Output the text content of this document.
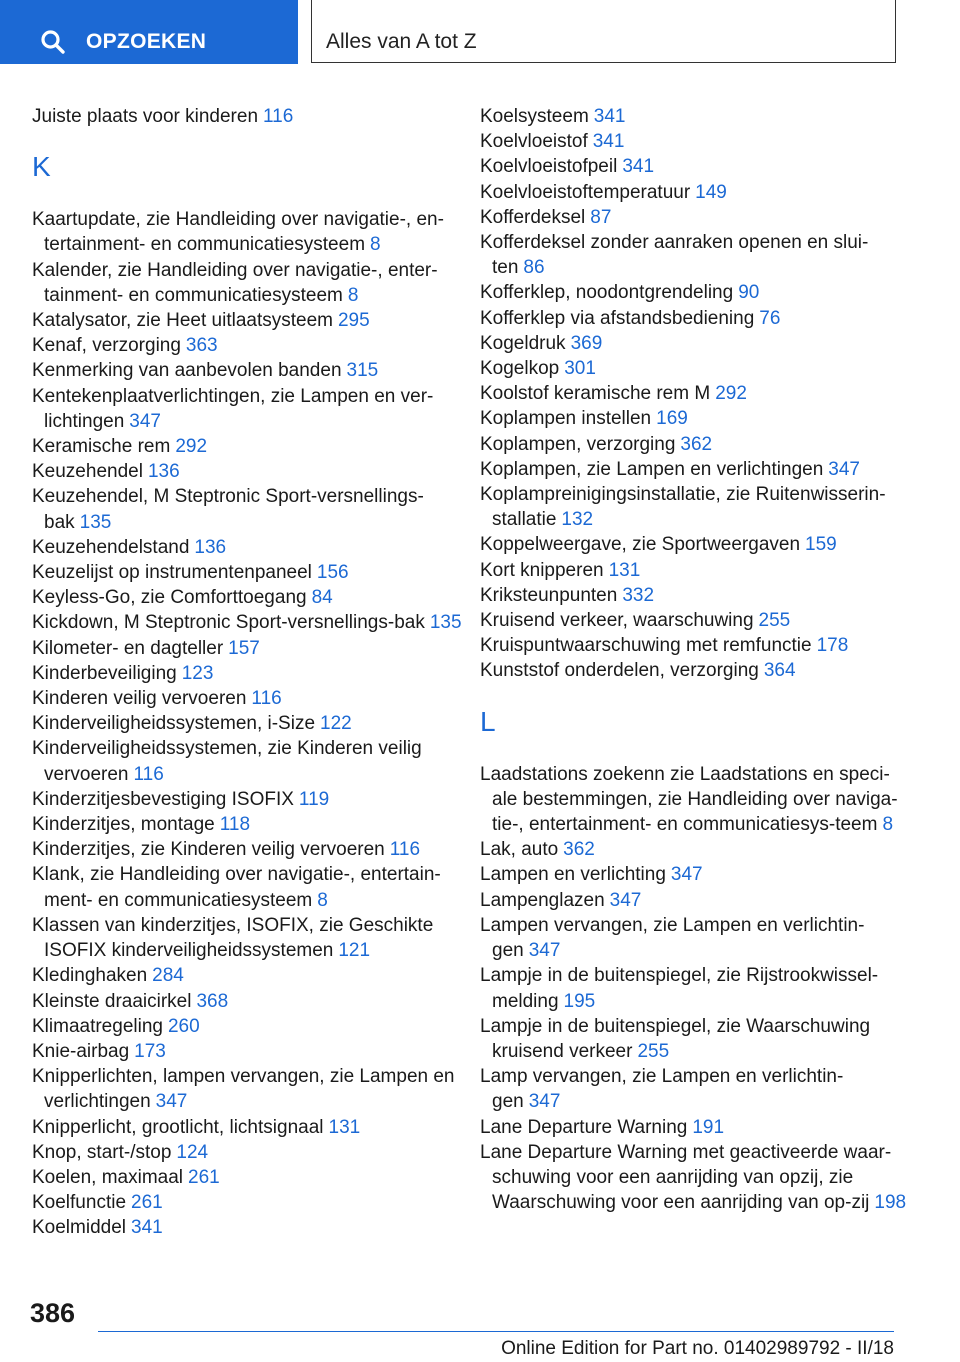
OPZOEKEN	Alles van A tot Z
Juiste plaats voor kinderen 116
K
Kaartupdate, zie Handleiding over navigatie-, en-tertainment- en communicatiesysteem 8
Kalender, zie Handleiding over navigatie-, enter-tainment- en communicatiesysteem 8
Katalysator, zie Heet uitlaatsysteem 295
Kenaf, verzorging 363
Kenmerking van aanbevolen banden 315
Kentekenplaatverlichtingen, zie Lampen en ver-lichtingen 347
Keramische rem 292
Keuzehendel 136
Keuzehendel, M Steptronic Sport-versnellings-bak 135
Keuzehendelstand 136
Keuzelijst op instrumentenpaneel 156
Keyless-Go, zie Comforttoegang 84
Kickdown, M Steptronic Sport-versnellings-bak 135
Kilometer- en dagteller 157
Kinderbeveiliging 123
Kinderen veilig vervoeren 116
Kinderveiligheidssystemen, i-Size 122
Kinderveiligheidssystemen, zie Kinderen veilig vervoeren 116
Kinderzitjesbevestiging ISOFIX 119
Kinderzitjes, montage 118
Kinderzitjes, zie Kinderen veilig vervoeren 116
Klank, zie Handleiding over navigatie-, entertain-ment- en communicatiesysteem 8
Klassen van kinderzitjes, ISOFIX, zie Geschikte ISOFIX kinderveiligheidssystemen 121
Kledinghaken 284
Kleinste draaicirkel 368
Klimaatregeling 260
Knie-airbag 173
Knipperlichten, lampen vervangen, zie Lampen en verlichtingen 347
Knipperlicht, grootlicht, lichtsignaal 131
Knop, start-/stop 124
Koelen, maximaal 261
Koelfunctie 261
Koelmiddel 341
Koelsysteem 341
Koelvloeistof 341
Koelvloeistofpeil 341
Koelvloeistoftemperatuur 149
Kofferdeksel 87
Kofferdeksel zonder aanraken openen en slui-ten 86
Kofferklep, noodontgrendeling 90
Kofferklep via afstandsbediening 76
Kogeldruk 369
Kogelkop 301
Koolstof keramische rem M 292
Koplampen instellen 169
Koplampen, verzorging 362
Koplampen, zie Lampen en verlichtingen 347
Koplampreinigingsinstallatie, zie Ruitenwisserin-stallatie 132
Koppelweergave, zie Sportweergaven 159
Kort knipperen 131
Kriksteunpunten 332
Kruisend verkeer, waarschuwing 255
Kruispuntwaarschuwing met remfunctie 178
Kunststof onderdelen, verzorging 364
L
Laadstations zoekenn zie Laadstations en speci-ale bestemmingen, zie Handleiding over naviga-tie-, entertainment- en communicatiesys-teem 8
Lak, auto 362
Lampen en verlichting 347
Lampenglazen 347
Lampen vervangen, zie Lampen en verlichtin-gen 347
Lampje in de buitenspiegel, zie Rijstrookwissel-melding 195
Lampje in de buitenspiegel, zie Waarschuwing kruisend verkeer 255
Lamp vervangen, zie Lampen en verlichtin-gen 347
Lane Departure Warning 191
Lane Departure Warning met geactiveerde waar-schuwing voor een aanrijding van opzij, zie Waarschuwing voor een aanrijding van op-zij 198
386
Online Edition for Part no. 01402989792 - II/18
